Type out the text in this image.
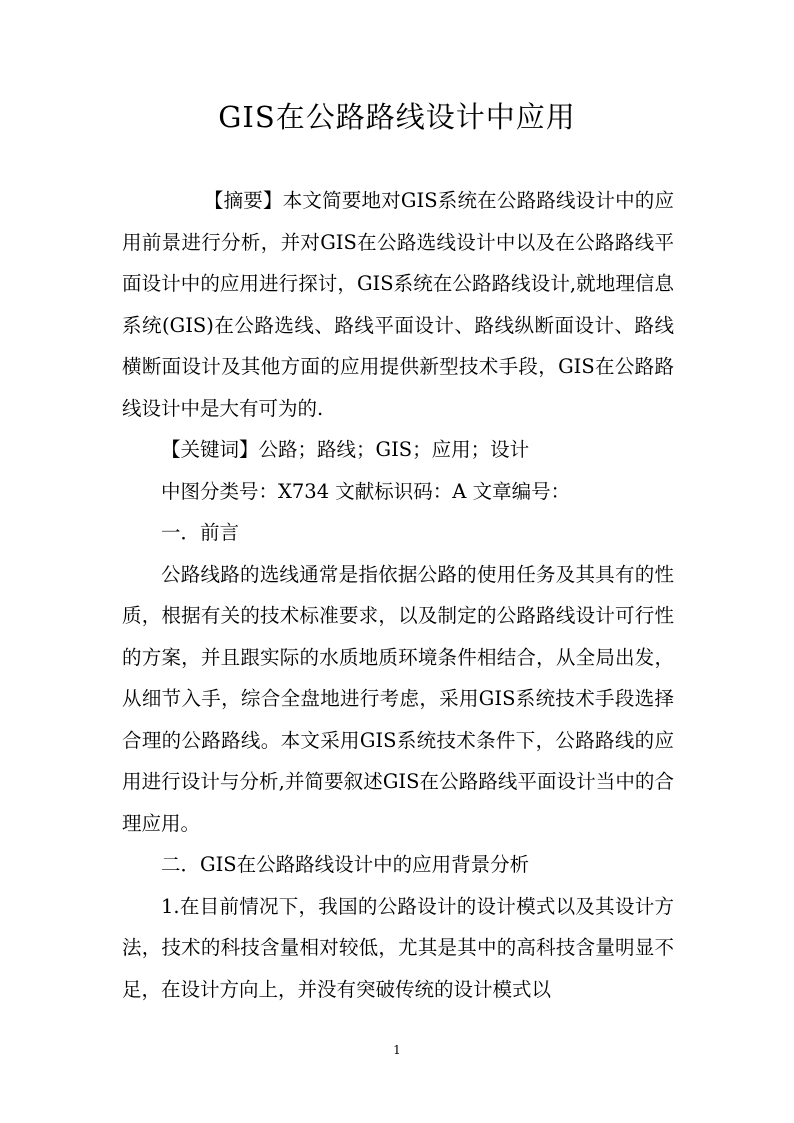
GIS在公路路线设计中应用

【摘要】本文简要地对GIS系统在公路路线设计中的应用前景进行分析，并对GIS在公路选线设计中以及在公路路线平面设计中的应用进行探讨，GIS系统在公路路线设计,就地理信息系统(GIS)在公路选线、路线平面设计、路线纵断面设计、路线横断面设计及其他方面的应用提供新型技术手段，GIS在公路路线设计中是大有可为的.

【关键词】公路；路线；GIS；应用；设计

中图分类号：X734 文献标识码：A 文章编号：

一．前言

公路线路的选线通常是指依据公路的使用任务及其具有的性质，根据有关的技术标准要求，以及制定的公路路线设计可行性的方案，并且跟实际的水质地质环境条件相结合，从全局出发，从细节入手，综合全盘地进行考虑，采用GIS系统技术手段选择合理的公路路线。本文采用GIS系统技术条件下，公路路线的应用进行设计与分析,并简要叙述GIS在公路路线平面设计当中的合理应用。

二．GIS在公路路线设计中的应用背景分析

1.在目前情况下，我国的公路设计的设计模式以及其设计方法，技术的科技含量相对较低，尤其是其中的高科技含量明显不足，在设计方向上，并没有突破传统的设计模式以

1
